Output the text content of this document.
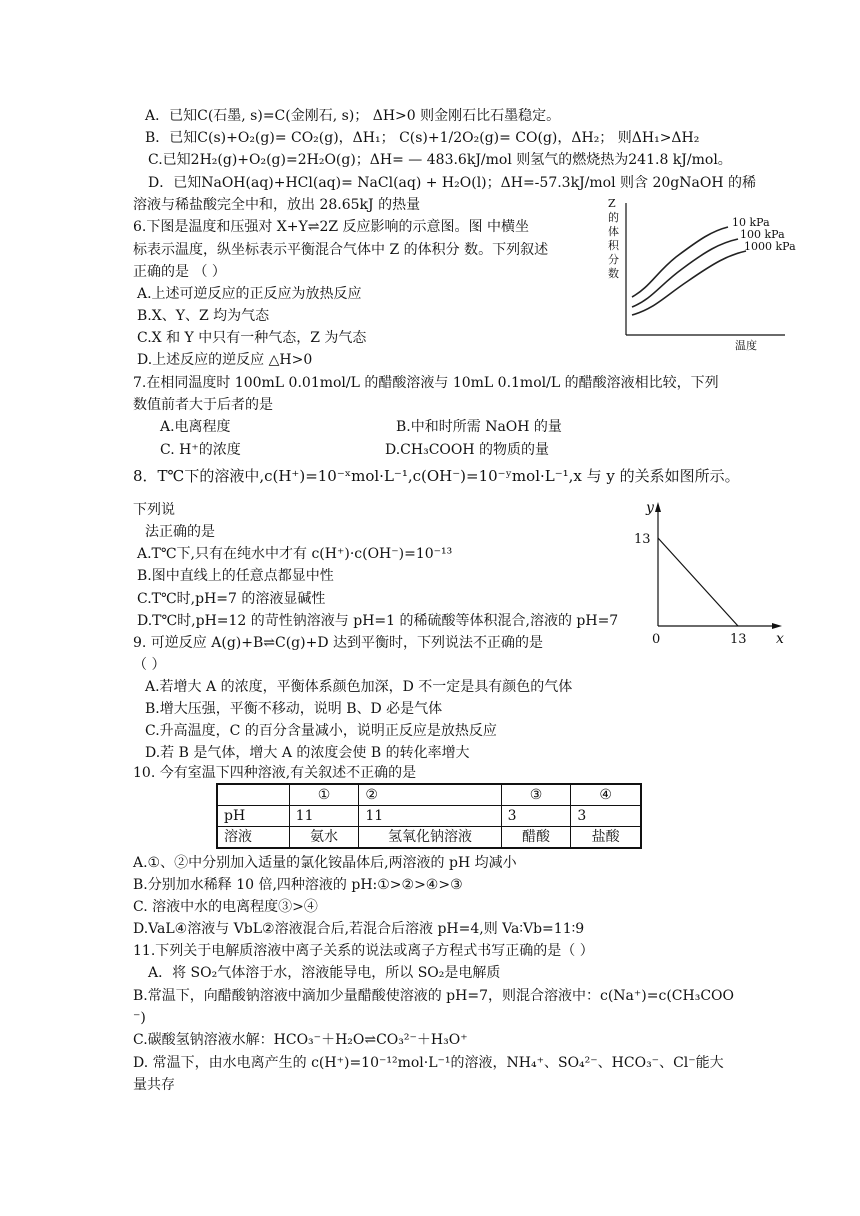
A．已知C(石墨, s)=C(金刚石, s)； ΔH>0 则金刚石比石墨稳定。
B．已知C(s)+O₂(g)= CO₂(g)，ΔH₁； C(s)+1/2O₂(g)= CO(g)，ΔH₂； 则ΔH₁>ΔH₂
C.已知2H₂(g)+O₂(g)=2H₂O(g)；ΔH= — 483.6kJ/mol 则氢气的燃烧热为241.8 kJ/mol。
D．已知NaOH(aq)+HCl(aq)= NaCl(aq) + H₂O(l)；ΔH=-57.3kJ/mol 则含 20gNaOH 的稀
溶液与稀盐酸完全中和，放出 28.65kJ 的热量
6.下图是温度和压强对 X+Y⇌2Z 反应影响的示意图。图 中横坐
标表示温度，纵坐标表示平衡混合气体中 Z 的体积分 数。下列叙述
正确的是 （ ）
A.上述可逆反应的正反应为放热反应
B.X、Y、Z 均为气态
C.X 和 Y 中只有一种气态，Z 为气态
D.上述反应的逆反应 △H>0
Z
的
体
积
分
数
10 kPa
100 kPa
1000 kPa
温度
7.在相同温度时 100mL 0.01mol/L 的醋酸溶液与 10mL 0.1mol/L 的醋酸溶液相比较，下列
数值前者大于后者的是
A.电离程度	B.中和时所需 NaOH 的量
C. H⁺的浓度	D.CH₃COOH 的物质的量
8．T℃下的溶液中,c(H⁺)=10⁻ˣmol·L⁻¹,c(OH⁻)=10⁻ʸmol·L⁻¹,x 与 y 的关系如图所示。
下列说
法正确的是
A.T℃下,只有在纯水中才有 c(H⁺)·c(OH⁻)=10⁻¹³
B.图中直线上的任意点都显中性
C.T℃时,pH=7 的溶液显碱性
D.T℃时,pH=12 的苛性钠溶液与 pH=1 的稀硫酸等体积混合,溶液的 pH=7
y
13
0	13 x
9. 可逆反应 A(g)+B⇌C(g)+D 达到平衡时，下列说法不正确的是
（ ）
A.若增大 A 的浓度，平衡体系颜色加深，D 不一定是具有颜色的气体
B.增大压强，平衡不移动，说明 B、D 必是气体
C.升高温度，C 的百分含量减小，说明正反应是放热反应
D.若 B 是气体，增大 A 的浓度会使 B 的转化率增大
10. 今有室温下四种溶液,有关叙述不正确的是
	①	②	③	④
pH	11	11	3	3
溶液	氨水	氢氧化钠溶液	醋酸	盐酸
A.①、②中分别加入适量的氯化铵晶体后,两溶液的 pH 均减小
B.分别加水稀释 10 倍,四种溶液的 pH:①>②>④>③
C. 溶液中水的电离程度③>④
D.VaL④溶液与 VbL②溶液混合后,若混合后溶液 pH=4,则 Va∶Vb=11∶9
11.下列关于电解质溶液中离子关系的说法或离子方程式书写正确的是（ ）
A．将 SO₂气体溶于水，溶液能导电，所以 SO₂是电解质
B.常温下，向醋酸钠溶液中滴加少量醋酸使溶液的 pH=7，则混合溶液中：c(Na⁺)=c(CH₃COO
⁻)
C.碳酸氢钠溶液水解：HCO₃⁻＋H₂O⇌CO₃²⁻＋H₃O⁺
D. 常温下，由水电离产生的 c(H⁺)=10⁻¹²mol·L⁻¹的溶液，NH₄⁺、SO₄²⁻、HCO₃⁻、Cl⁻能大
量共存
